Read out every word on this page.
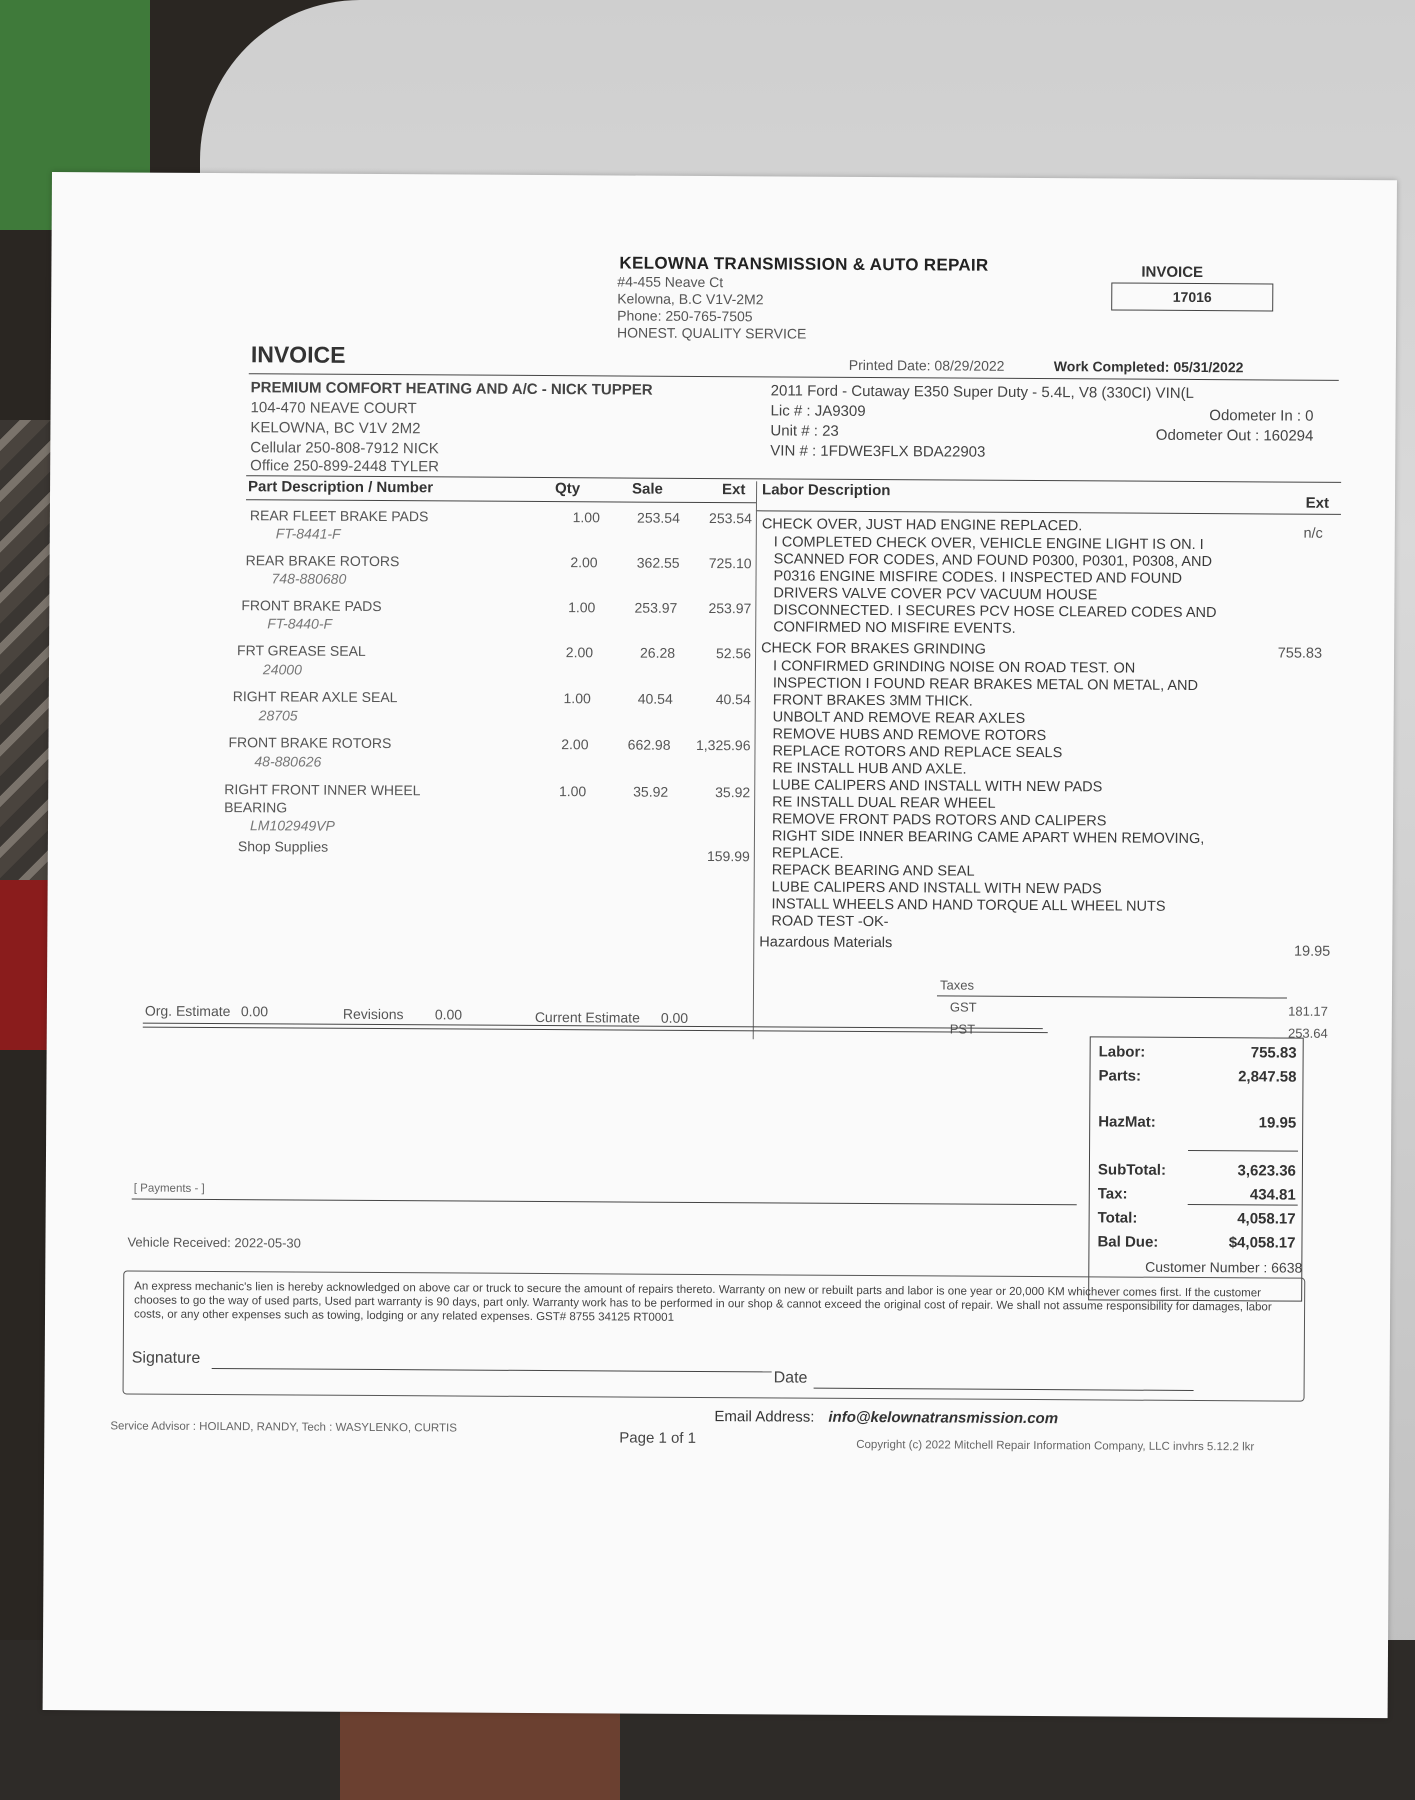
KELOWNA TRANSMISSION & AUTO REPAIR
#4-455 Neave Ct
Kelowna, B.C V1V-2M2
Phone: 250-765-7505
HONEST. QUALITY SERVICE
INVOICE
17016
INVOICE	Printed Date: 08/29/2022	Work Completed: 05/31/2022
PREMIUM COMFORT HEATING AND A/C - NICK TUPPER
104-470 NEAVE COURT
KELOWNA, BC V1V 2M2
Cellular 250-808-7912 NICK
Office 250-899-2448 TYLER
2011 Ford - Cutaway E350 Super Duty - 5.4L, V8 (330CI) VIN(L
Lic # : JA9309
Unit # : 23
VIN # : 1FDWE3FLX BDA22903
Odometer In : 0
Odometer Out : 160294
Part Description / Number	Qty	Sale	Ext Labor Description
Ext
REAR FLEET BRAKE PADS
FT-8441-F
1.00	253.54	253.54
REAR BRAKE ROTORS
748-880680
2.00	362.55	725.10
FRONT BRAKE PADS
FT-8440-F
1.00	253.97	253.97
FRT GREASE SEAL
24000
2.00	26.28	52.56
RIGHT REAR AXLE SEAL
28705
1.00	40.54	40.54
FRONT BRAKE ROTORS
48-880626
2.00	662.98	1,325.96
RIGHT FRONT INNER WHEEL
BEARING
LM102949VP
1.00	35.92	35.92
Shop Supplies
159.99
CHECK OVER, JUST HAD ENGINE REPLACED.	n/c
I COMPLETED CHECK OVER, VEHICLE ENGINE LIGHT IS ON. I
SCANNED FOR CODES, AND FOUND P0300, P0301, P0308, AND
P0316 ENGINE MISFIRE CODES. I INSPECTED AND FOUND
DRIVERS VALVE COVER PCV VACUUM HOUSE
DISCONNECTED. I SECURES PCV HOSE CLEARED CODES AND
CONFIRMED NO MISFIRE EVENTS.
CHECK FOR BRAKES GRINDING	755.83
I CONFIRMED GRINDING NOISE ON ROAD TEST. ON
INSPECTION I FOUND REAR BRAKES METAL ON METAL, AND
FRONT BRAKES 3MM THICK.
UNBOLT AND REMOVE REAR AXLES
REMOVE HUBS AND REMOVE ROTORS
REPLACE ROTORS AND REPLACE SEALS
RE INSTALL HUB AND AXLE.
LUBE CALIPERS AND INSTALL WITH NEW PADS
RE INSTALL DUAL REAR WHEEL
REMOVE FRONT PADS ROTORS AND CALIPERS
RIGHT SIDE INNER BEARING CAME APART WHEN REMOVING,
REPLACE.
REPACK BEARING AND SEAL
LUBE CALIPERS AND INSTALL WITH NEW PADS
INSTALL WHEELS AND HAND TORQUE ALL WHEEL NUTS
ROAD TEST -OK-
Hazardous Materials
19.95
Taxes
GST	181.17
PST	253.64
Org. Estimate 0.00	Revisions 0.00	Current Estimate 0.00
Labor:	755.83
Parts:	2,847.58
HazMat:	19.95
SubTotal:	3,623.36
Tax:	434.81
Total:	4,058.17
Bal Due:	$4,058.17
[ Payments - ]
Vehicle Received: 2022-05-30
Customer Number : 6638
An express mechanic's lien is hereby acknowledged on above car or truck to secure the amount of repairs thereto. Warranty on new or rebuilt parts and labor is one year or 20,000 KM whichever comes first. If the customer chooses to go the way of used parts, Used part warranty is 90 days, part only. Warranty work has to be performed in our shop & cannot exceed the original cost of repair. We shall not assume responsibility for damages, labor costs, or any other expenses such as towing, lodging or any related expenses. GST# 8755 34125 RT0001
Signature
Date
Email Address: info@kelownatransmission.com
Service Advisor : HOILAND, RANDY, Tech : WASYLENKO, CURTIS
Page 1 of 1	Copyright (c) 2022 Mitchell Repair Information Company, LLC invhrs 5.12.2 lkr
